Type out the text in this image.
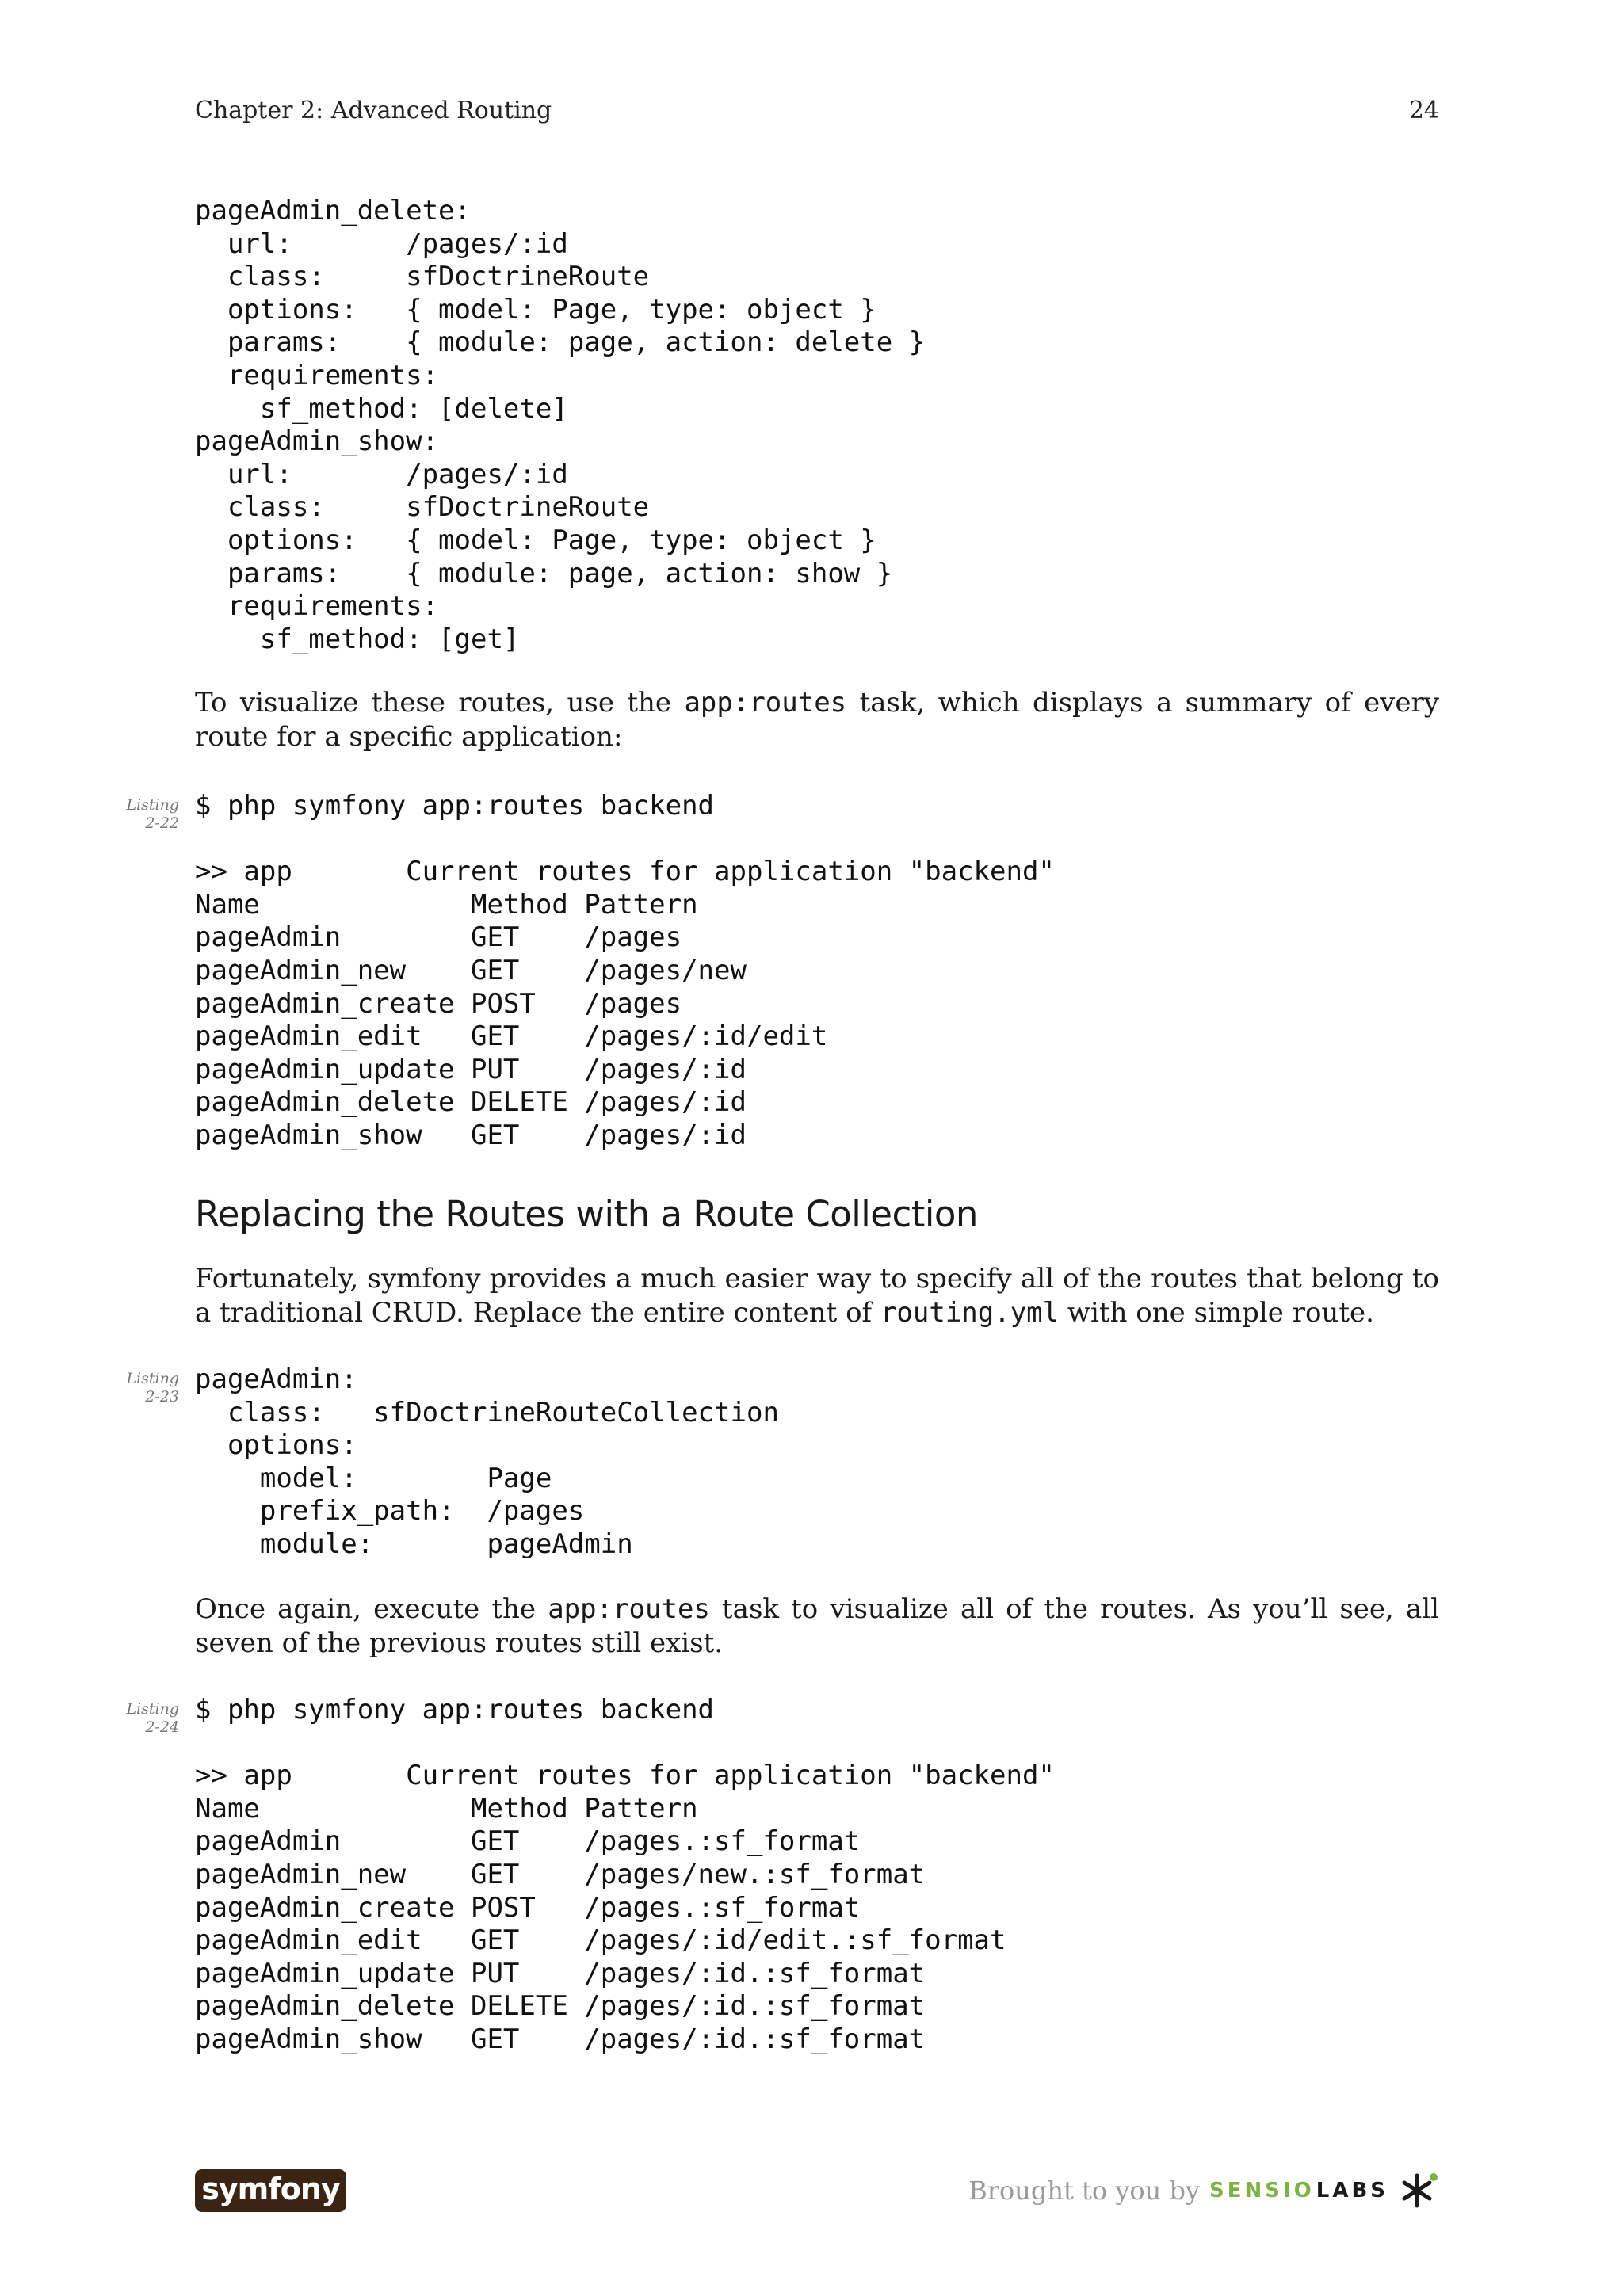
Chapter 2: Advanced Routing	24
pageAdmin_delete:
url:       /pages/:id
class:     sfDoctrineRoute
options:   { model: Page, type: object }
params:    { module: page, action: delete }
requirements:
sf_method: [delete]
pageAdmin_show:
url:       /pages/:id
class:     sfDoctrineRoute
options:   { model: Page, type: object }
params:    { module: page, action: show }
requirements:
sf_method: [get]

To visualize these routes, use the app:routes task, which displays a summary of every route for a specific application:

Listing
2-22
$ php symfony app:routes backend
>> app       Current routes for application "backend"
Name             Method Pattern
pageAdmin        GET    /pages
pageAdmin_new    GET    /pages/new
pageAdmin_create POST   /pages
pageAdmin_edit   GET    /pages/:id/edit
pageAdmin_update PUT    /pages/:id
pageAdmin_delete DELETE /pages/:id
pageAdmin_show   GET    /pages/:id
Replacing the Routes with a Route Collection

Fortunately, symfony provides a much easier way to specify all of the routes that belong to a traditional CRUD. Replace the entire content of routing.yml with one simple route.

Listing
2-23
pageAdmin:
class:   sfDoctrineRouteCollection
options:
model:        Page
prefix_path:  /pages
module:       pageAdmin

Once again, execute the app:routes task to visualize all of the routes. As you’ll see, all seven of the previous routes still exist.

Listing
2-24
$ php symfony app:routes backend
>> app       Current routes for application "backend"
Name             Method Pattern
pageAdmin        GET    /pages.:sf_format
pageAdmin_new    GET    /pages/new.:sf_format
pageAdmin_create POST   /pages.:sf_format
pageAdmin_edit   GET    /pages/:id/edit.:sf_format
pageAdmin_update PUT    /pages/:id.:sf_format
pageAdmin_delete DELETE /pages/:id.:sf_format
pageAdmin_show   GET    /pages/:id.:sf_format
symfony	Brought to you by SENSIO LABS
